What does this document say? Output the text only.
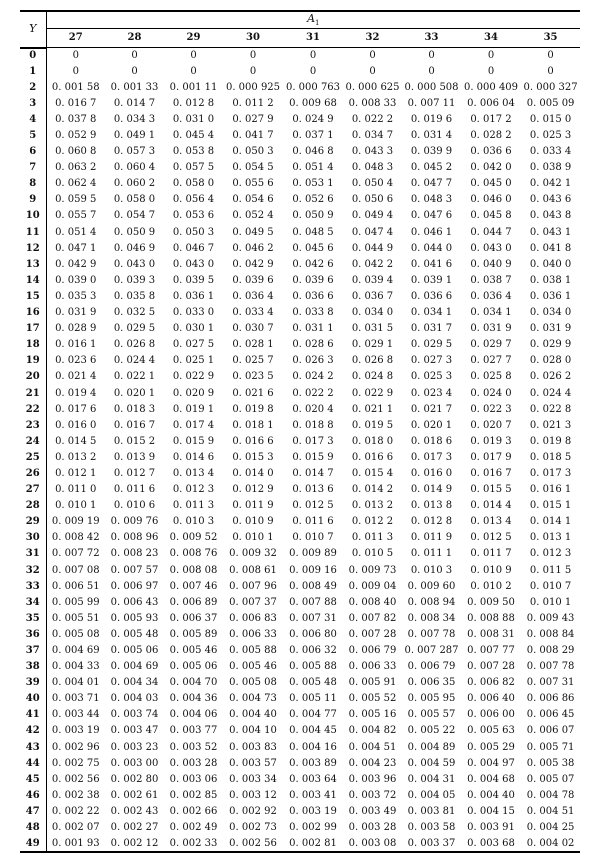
Y	$A_1$
	27	28	29	30	31	32	33	34	35
0	0	0	0	0	0	0	0	0	0
1	0	0	0	0	0	0	0	0	0
2	0. 001 58	0. 001 33	0. 001 11	0. 000 925	0. 000 763	0. 000 625	0. 000 508	0. 000 409	0. 000 327
3	0. 016 7	0. 014 7	0. 012 8	0. 011 2	0. 009 68	0. 008 33	0. 007 11	0. 006 04	0. 005 09
4	0. 037 8	0. 034 3	0. 031 0	0. 027 9	0. 024 9	0. 022 2	0. 019 6	0. 017 2	0. 015 0
5	0. 052 9	0. 049 1	0. 045 4	0. 041 7	0. 037 1	0. 034 7	0. 031 4	0. 028 2	0. 025 3
6	0. 060 8	0. 057 3	0. 053 8	0. 050 3	0. 046 8	0. 043 3	0. 039 9	0. 036 6	0. 033 4
7	0. 063 2	0. 060 4	0. 057 5	0. 054 5	0. 051 4	0. 048 3	0. 045 2	0. 042 0	0. 038 9
8	0. 062 4	0. 060 2	0. 058 0	0. 055 6	0. 053 1	0. 050 4	0. 047 7	0. 045 0	0. 042 1
9	0. 059 5	0. 058 0	0. 056 4	0. 054 6	0. 052 6	0. 050 6	0. 048 3	0. 046 0	0. 043 6
10	0. 055 7	0. 054 7	0. 053 6	0. 052 4	0. 050 9	0. 049 4	0. 047 6	0. 045 8	0. 043 8
11	0. 051 4	0. 050 9	0. 050 3	0. 049 5	0. 048 5	0. 047 4	0. 046 1	0. 044 7	0. 043 1
12	0. 047 1	0. 046 9	0. 046 7	0. 046 2	0. 045 6	0. 044 9	0. 044 0	0. 043 0	0. 041 8
13	0. 042 9	0. 043 0	0. 043 0	0. 042 9	0. 042 6	0. 042 2	0. 041 6	0. 040 9	0. 040 0
14	0. 039 0	0. 039 3	0. 039 5	0. 039 6	0. 039 6	0. 039 4	0. 039 1	0. 038 7	0. 038 1
15	0. 035 3	0. 035 8	0. 036 1	0. 036 4	0. 036 6	0. 036 7	0. 036 6	0. 036 4	0. 036 1
16	0. 031 9	0. 032 5	0. 033 0	0. 033 4	0. 033 8	0. 034 0	0. 034 1	0. 034 1	0. 034 0
17	0. 028 9	0. 029 5	0. 030 1	0. 030 7	0. 031 1	0. 031 5	0. 031 7	0. 031 9	0. 031 9
18	0. 016 1	0. 026 8	0. 027 5	0. 028 1	0. 028 6	0. 029 1	0. 029 5	0. 029 7	0. 029 9
19	0. 023 6	0. 024 4	0. 025 1	0. 025 7	0. 026 3	0. 026 8	0. 027 3	0. 027 7	0. 028 0
20	0. 021 4	0. 022 1	0. 022 9	0. 023 5	0. 024 2	0. 024 8	0. 025 3	0. 025 8	0. 026 2
21	0. 019 4	0. 020 1	0. 020 9	0. 021 6	0. 022 2	0. 022 9	0. 023 4	0. 024 0	0. 024 4
22	0. 017 6	0. 018 3	0. 019 1	0. 019 8	0. 020 4	0. 021 1	0. 021 7	0. 022 3	0. 022 8
23	0. 016 0	0. 016 7	0. 017 4	0. 018 1	0. 018 8	0. 019 5	0. 020 1	0. 020 7	0. 021 3
24	0. 014 5	0. 015 2	0. 015 9	0. 016 6	0. 017 3	0. 018 0	0. 018 6	0. 019 3	0. 019 8
25	0. 013 2	0. 013 9	0. 014 6	0. 015 3	0. 015 9	0. 016 6	0. 017 3	0. 017 9	0. 018 5
26	0. 012 1	0. 012 7	0. 013 4	0. 014 0	0. 014 7	0. 015 4	0. 016 0	0. 016 7	0. 017 3
27	0. 011 0	0. 011 6	0. 012 3	0. 012 9	0. 013 6	0. 014 2	0. 014 9	0. 015 5	0. 016 1
28	0. 010 1	0. 010 6	0. 011 3	0. 011 9	0. 012 5	0. 013 2	0. 013 8	0. 014 4	0. 015 1
29	0. 009 19	0. 009 76	0. 010 3	0. 010 9	0. 011 6	0. 012 2	0. 012 8	0. 013 4	0. 014 1
30	0. 008 42	0. 008 96	0. 009 52	0. 010 1	0. 010 7	0. 011 3	0. 011 9	0. 012 5	0. 013 1
31	0. 007 72	0. 008 23	0. 008 76	0. 009 32	0. 009 89	0. 010 5	0. 011 1	0. 011 7	0. 012 3
32	0. 007 08	0. 007 57	0. 008 08	0. 008 61	0. 009 16	0. 009 73	0. 010 3	0. 010 9	0. 011 5
33	0. 006 51	0. 006 97	0. 007 46	0. 007 96	0. 008 49	0. 009 04	0. 009 60	0. 010 2	0. 010 7
34	0. 005 99	0. 006 43	0. 006 89	0. 007 37	0. 007 88	0. 008 40	0. 008 94	0. 009 50	0. 010 1
35	0. 005 51	0. 005 93	0. 006 37	0. 006 83	0. 007 31	0. 007 82	0. 008 34	0. 008 88	0. 009 43
36	0. 005 08	0. 005 48	0. 005 89	0. 006 33	0. 006 80	0. 007 28	0. 007 78	0. 008 31	0. 008 84
37	0. 004 69	0. 005 06	0. 005 46	0. 005 88	0. 006 32	0. 006 79	0. 007 287	0. 007 77	0. 008 29
38	0. 004 33	0. 004 69	0. 005 06	0. 005 46	0. 005 88	0. 006 33	0. 006 79	0. 007 28	0. 007 78
39	0. 004 01	0. 004 34	0. 004 70	0. 005 08	0. 005 48	0. 005 91	0. 006 35	0. 006 82	0. 007 31
40	0. 003 71	0. 004 03	0. 004 36	0. 004 73	0. 005 11	0. 005 52	0. 005 95	0. 006 40	0. 006 86
41	0. 003 44	0. 003 74	0. 004 06	0. 004 40	0. 004 77	0. 005 16	0. 005 57	0. 006 00	0. 006 45
42	0. 003 19	0. 003 47	0. 003 77	0. 004 10	0. 004 45	0. 004 82	0. 005 22	0. 005 63	0. 006 07
43	0. 002 96	0. 003 23	0. 003 52	0. 003 83	0. 004 16	0. 004 51	0. 004 89	0. 005 29	0. 005 71
44	0. 002 75	0. 003 00	0. 003 28	0. 003 57	0. 003 89	0. 004 23	0. 004 59	0. 004 97	0. 005 38
45	0. 002 56	0. 002 80	0. 003 06	0. 003 34	0. 003 64	0. 003 96	0. 004 31	0. 004 68	0. 005 07
46	0. 002 38	0. 002 61	0. 002 85	0. 003 12	0. 003 41	0. 003 72	0. 004 05	0. 004 40	0. 004 78
47	0. 002 22	0. 002 43	0. 002 66	0. 002 92	0. 003 19	0. 003 49	0. 003 81	0. 004 15	0. 004 51
48	0. 002 07	0. 002 27	0. 002 49	0. 002 73	0. 002 99	0. 003 28	0. 003 58	0. 003 91	0. 004 25
49	0. 001 93	0. 002 12	0. 002 33	0. 002 56	0. 002 81	0. 003 08	0. 003 37	0. 003 68	0. 004 02
